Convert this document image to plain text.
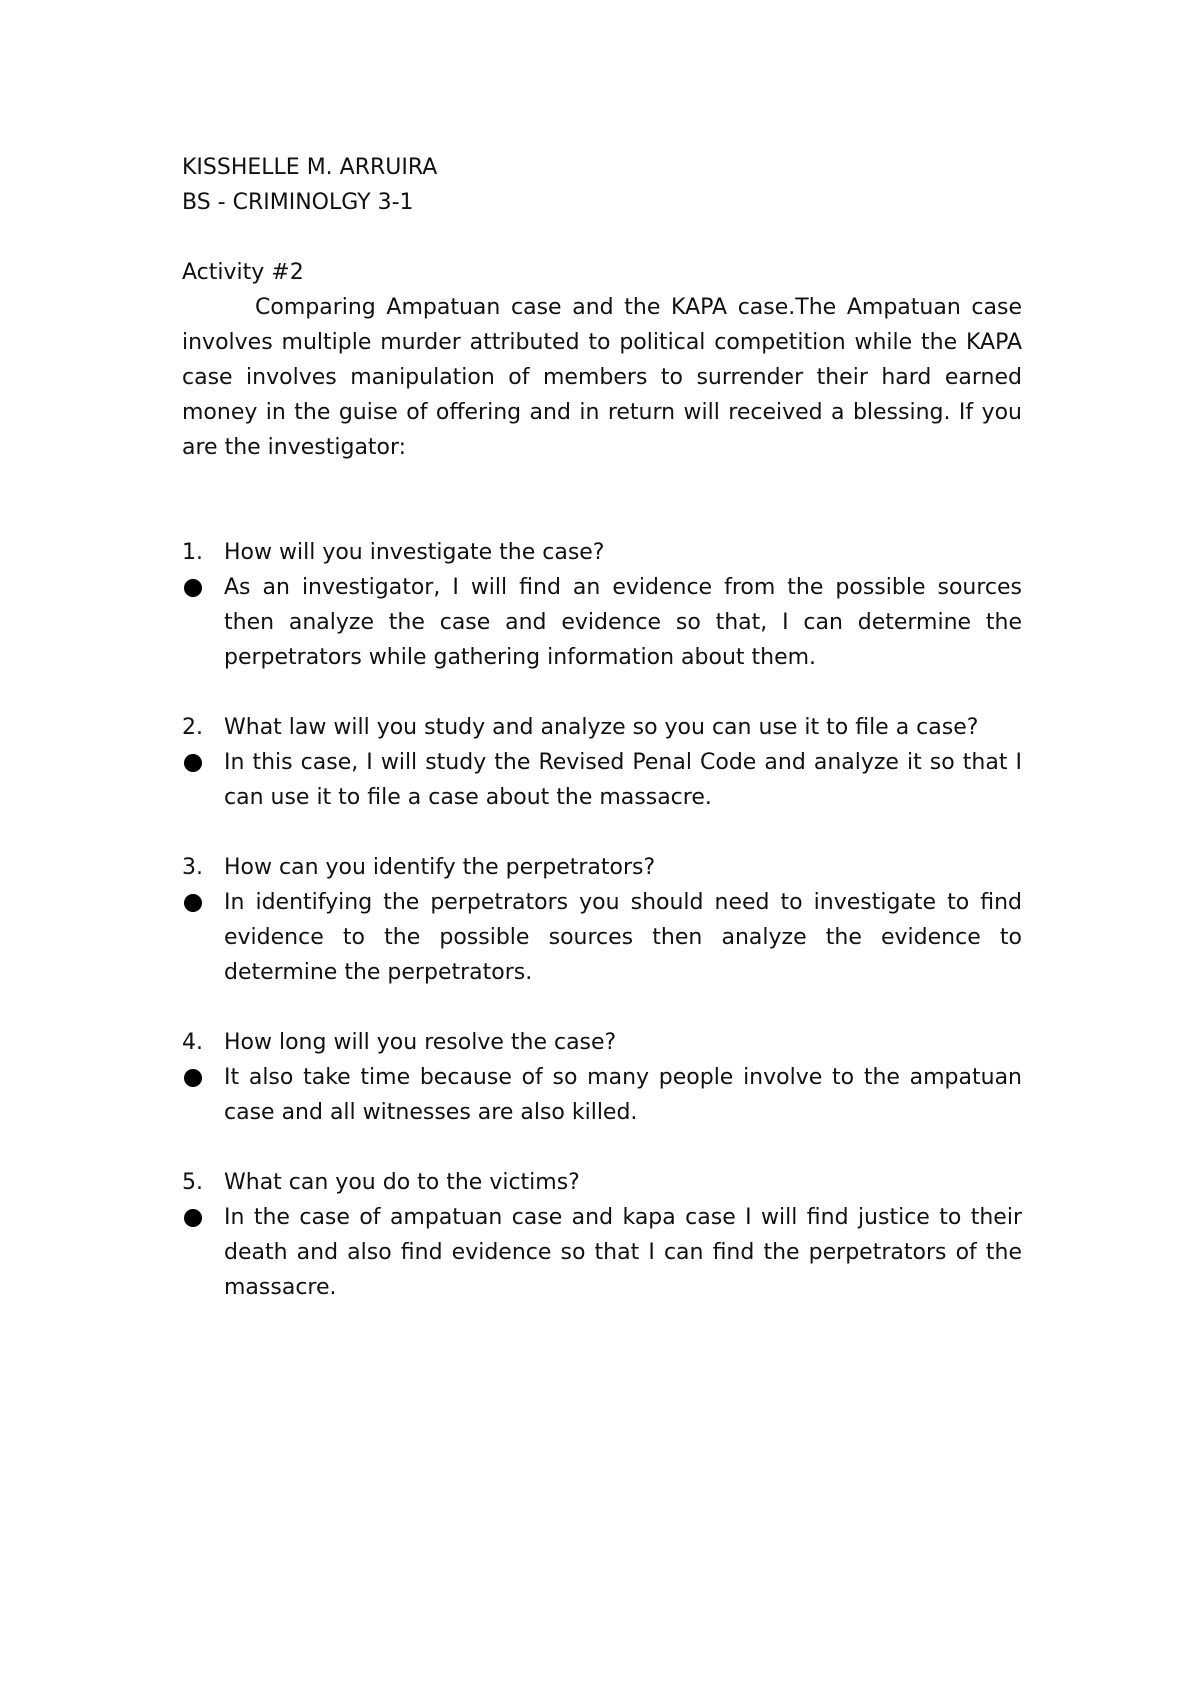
KISSHELLE M. ARRUIRA

BS - CRIMINOLGY 3-1

Activity #2

Comparing Ampatuan case and the KAPA case.The Ampatuan case involves multiple murder attributed to political competition while the KAPA case involves manipulation of members to surrender their hard earned money in the guise of offering and in return will received a blessing. If you are the investigator:

1. How will you investigate the case?
As an investigator, I will find an evidence from the possible sources then analyze the case and evidence so that, I can determine the perpetrators while gathering information about them.
2. What law will you study and analyze so you can use it to file a case?
In this case, I will study the Revised Penal Code and analyze it so that I can use it to file a case about the massacre.
3. How can you identify the perpetrators?
In identifying the perpetrators you should need to investigate to find evidence to the possible sources then analyze the evidence to determine the perpetrators.
4. How long will you resolve the case?
It also take time because of so many people involve to the ampatuan case and all witnesses are also killed.
5. What can you do to the victims?
In the case of ampatuan case and kapa case I will find justice to their death and also find evidence so that I can find the perpetrators of the massacre.
